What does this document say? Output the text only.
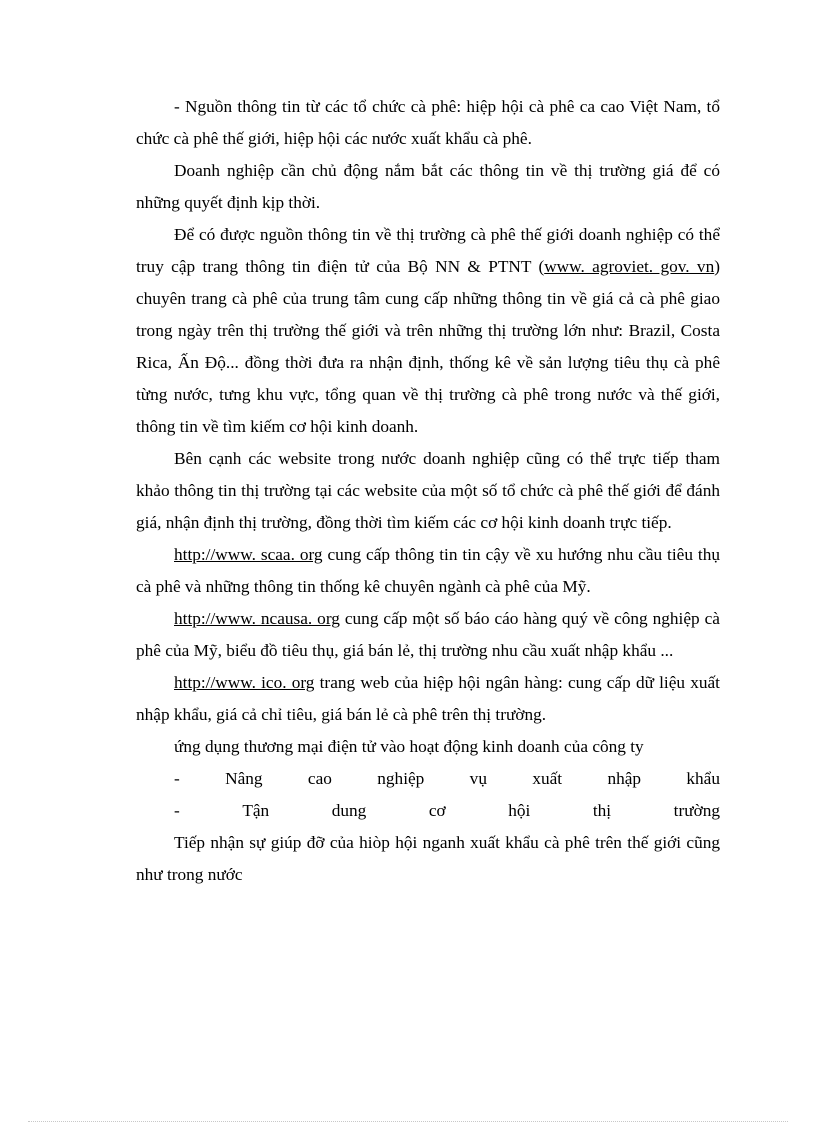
- Nguồn thông tin từ các tổ chức cà phê: hiệp hội cà phê ca cao Việt Nam, tổ chức cà phê thế giới, hiệp hội các nước xuất khẩu cà phê.

Doanh nghiệp cần chủ động nắm bắt các thông tin về thị trường giá để có những quyết định kịp thời.

Để có được nguồn thông tin về thị trường cà phê thế giới doanh nghiệp có thể truy cập trang thông tin điện tử của Bộ NN & PTNT (www. agroviet. gov. vn) chuyên trang cà phê của trung tâm cung cấp những thông tin về giá cả cà phê giao trong ngày trên thị trường thế giới và trên những thị trường lớn như: Brazil, Costa Rica, Ấn Độ... đồng thời đưa ra nhận định, thống kê về sản lượng tiêu thụ cà phê từng nước, tưng khu vực, tổng quan về thị trường cà phê trong nước và thế giới, thông tin về tìm kiếm cơ hội kinh doanh.

Bên cạnh các website trong nước doanh nghiệp cũng có thể trực tiếp tham khảo thông tin thị trường tại các website của một số tổ chức cà phê thế giới để đánh giá, nhận định thị trường, đồng thời tìm kiếm các cơ hội kinh doanh trực tiếp.

http://www. scaa. org cung cấp thông tin tin cậy về xu hướng nhu cầu tiêu thụ cà phê và những thông tin thống kê chuyên ngành cà phê của Mỹ.

http://www. ncausa. org cung cấp một số báo cáo hàng quý về công nghiệp cà phê của Mỹ, biểu đồ tiêu thụ, giá bán lẻ, thị trường nhu cầu xuất nhập khẩu ...

http://www. ico. org trang web của hiệp hội ngân hàng: cung cấp dữ liệu xuất nhập khẩu, giá cả chỉ tiêu, giá bán lẻ cà phê trên thị trường.

ứng dụng thương mại điện tử vào hoạt động kinh doanh của công ty

-	Nâng	cao	nghiệp	vụ	xuất	nhập	khẩu
-	Tận	dung	cơ	hội	thị	trường

Tiếp nhận sự giúp đỡ của hiòp hội nganh xuất khẩu cà phê trên thế giới cũng như trong nước
